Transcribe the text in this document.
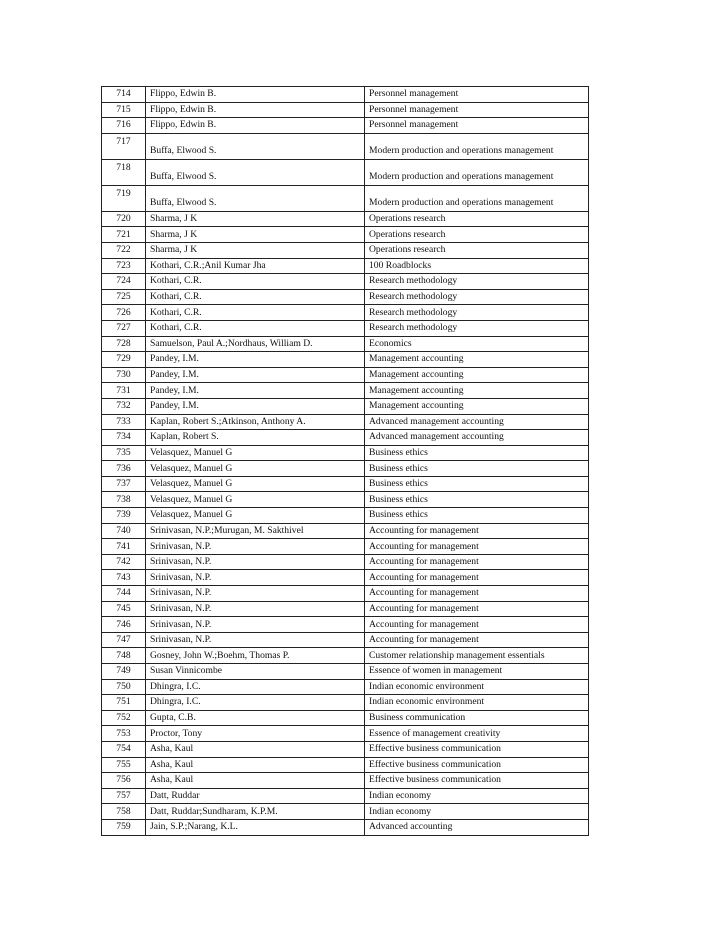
714	Flippo, Edwin B.	Personnel management
715	Flippo, Edwin B.	Personnel management
716	Flippo, Edwin B.	Personnel management
717	Buffa, Elwood S.	Modern production and operations management
718	Buffa, Elwood S.	Modern production and operations management
719	Buffa, Elwood S.	Modern production and operations management
720	Sharma, J K	Operations research
721	Sharma, J K	Operations research
722	Sharma, J K	Operations research
723	Kothari, C.R.;Anil Kumar Jha	100 Roadblocks
724	Kothari, C.R.	Research methodology
725	Kothari, C.R.	Research methodology
726	Kothari, C.R.	Research methodology
727	Kothari, C.R.	Research methodology
728	Samuelson, Paul A.;Nordhaus, William D.	Economics
729	Pandey, I.M.	Management accounting
730	Pandey, I.M.	Management accounting
731	Pandey, I.M.	Management accounting
732	Pandey, I.M.	Management accounting
733	Kaplan, Robert S.;Atkinson, Anthony A.	Advanced management accounting
734	Kaplan, Robert S.	Advanced management accounting
735	Velasquez, Manuel G	Business ethics
736	Velasquez, Manuel G	Business ethics
737	Velasquez, Manuel G	Business ethics
738	Velasquez, Manuel G	Business ethics
739	Velasquez, Manuel G	Business ethics
740	Srinivasan, N.P.;Murugan, M. Sakthivel	Accounting for management
741	Srinivasan, N.P.	Accounting for management
742	Srinivasan, N.P.	Accounting for management
743	Srinivasan, N.P.	Accounting for management
744	Srinivasan, N.P.	Accounting for management
745	Srinivasan, N.P.	Accounting for management
746	Srinivasan, N.P.	Accounting for management
747	Srinivasan, N.P.	Accounting for management
748	Gosney, John W.;Boehm, Thomas P.	Customer relationship management essentials
749	Susan Vinnicombe	Essence of women in management
750	Dhingra, I.C.	Indian economic environment
751	Dhingra, I.C.	Indian economic environment
752	Gupta, C.B.	Business communication
753	Proctor, Tony	Essence of management creativity
754	Asha, Kaul	Effective business communication
755	Asha, Kaul	Effective business communication
756	Asha, Kaul	Effective business communication
757	Datt, Ruddar	Indian economy
758	Datt, Ruddar;Sundharam, K.P.M.	Indian economy
759	Jain, S.P.;Narang, K.L.	Advanced accounting
